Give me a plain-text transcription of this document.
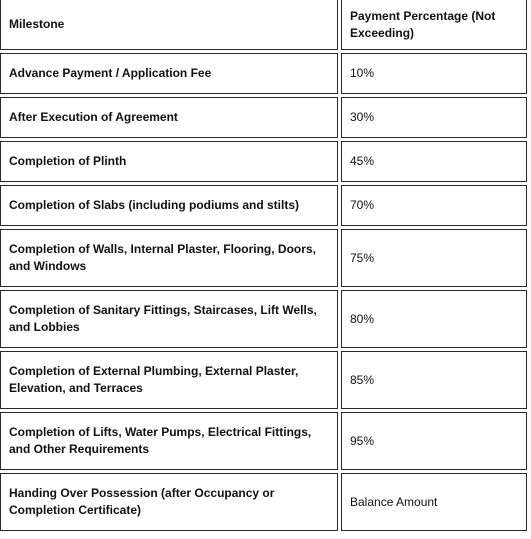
Milestone	Payment Percentage (Not Exceeding)
Advance Payment / Application Fee	10%
After Execution of Agreement	30%
Completion of Plinth	45%
Completion of Slabs (including podiums and stilts)	70%
Completion of Walls, Internal Plaster, Flooring, Doors, and Windows	75%
Completion of Sanitary Fittings, Staircases, Lift Wells, and Lobbies	80%
Completion of External Plumbing, External Plaster, Elevation, and Terraces	85%
Completion of Lifts, Water Pumps, Electrical Fittings, and Other Requirements	95%
Handing Over Possession (after Occupancy or Completion Certificate)	Balance Amount
